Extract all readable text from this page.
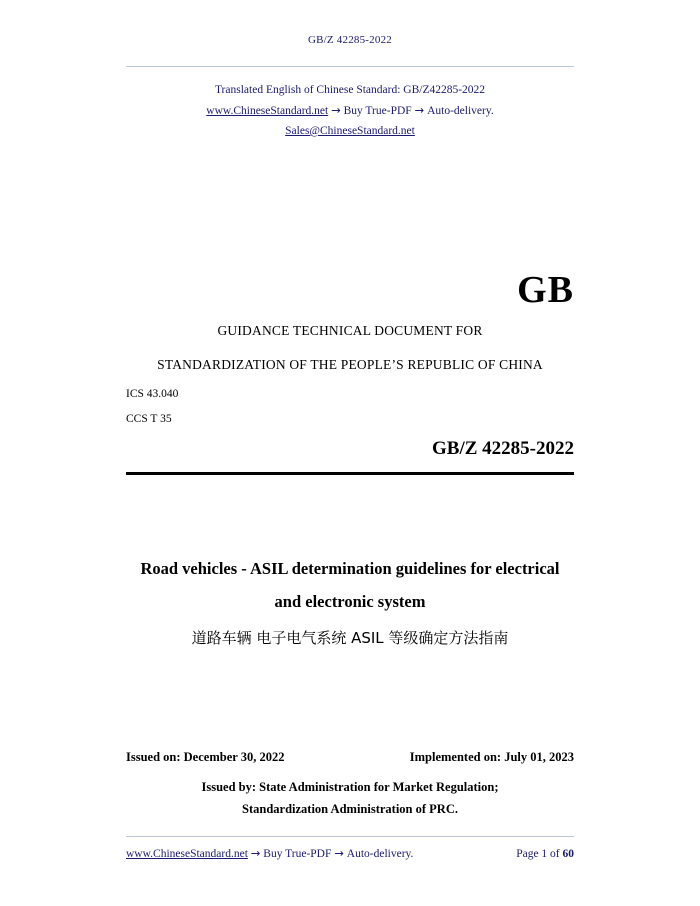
GB/Z 42285-2022
Translated English of Chinese Standard: GB/Z42285-2022
www.ChineseStandard.net → Buy True-PDF → Auto-delivery.
Sales@ChineseStandard.net
GB
GUIDANCE TECHNICAL DOCUMENT FOR
STANDARDIZATION OF THE PEOPLE’S REPUBLIC OF CHINA
ICS 43.040
CCS T 35
GB/Z 42285-2022
Road vehicles - ASIL determination guidelines for electrical
and electronic system
道路车辆 电子电气系统 ASIL 等级确定方法指南
Issued on: December 30, 2022	Implemented on: July 01, 2023
Issued by: State Administration for Market Regulation;
Standardization Administration of PRC.
www.ChineseStandard.net → Buy True-PDF → Auto-delivery.	Page 1 of 60
